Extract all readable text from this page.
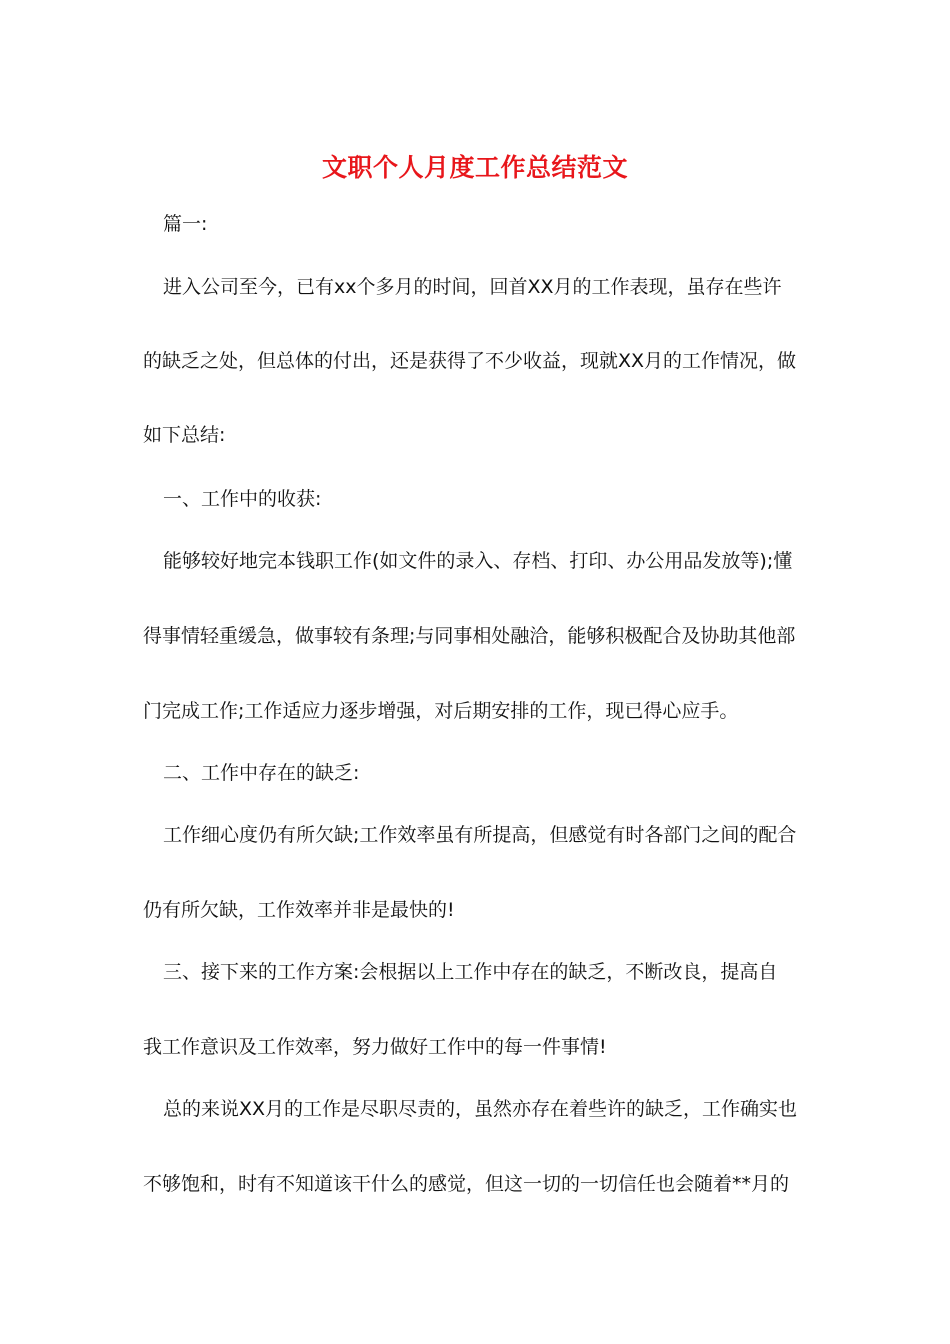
文职个人月度工作总结范文
篇一:
进入公司至今，已有xx个多月的时间，回首XX月的工作表现，虽存在些许
的缺乏之处，但总体的付出，还是获得了不少收益，现就XX月的工作情况，做
如下总结:
一、工作中的收获:
能够较好地完本钱职工作(如文件的录入、存档、打印、办公用品发放等);懂
得事情轻重缓急，做事较有条理;与同事相处融洽，能够积极配合及协助其他部
门完成工作;工作适应力逐步增强，对后期安排的工作，现已得心应手。
二、工作中存在的缺乏:
工作细心度仍有所欠缺;工作效率虽有所提高，但感觉有时各部门之间的配合
仍有所欠缺，工作效率并非是最快的!
三、接下来的工作方案:会根据以上工作中存在的缺乏，不断改良，提高自
我工作意识及工作效率，努力做好工作中的每一件事情!
总的来说XX月的工作是尽职尽责的，虽然亦存在着些许的缺乏，工作确实也
不够饱和，时有不知道该干什么的感觉，但这一切的一切信任也会随着**月的
